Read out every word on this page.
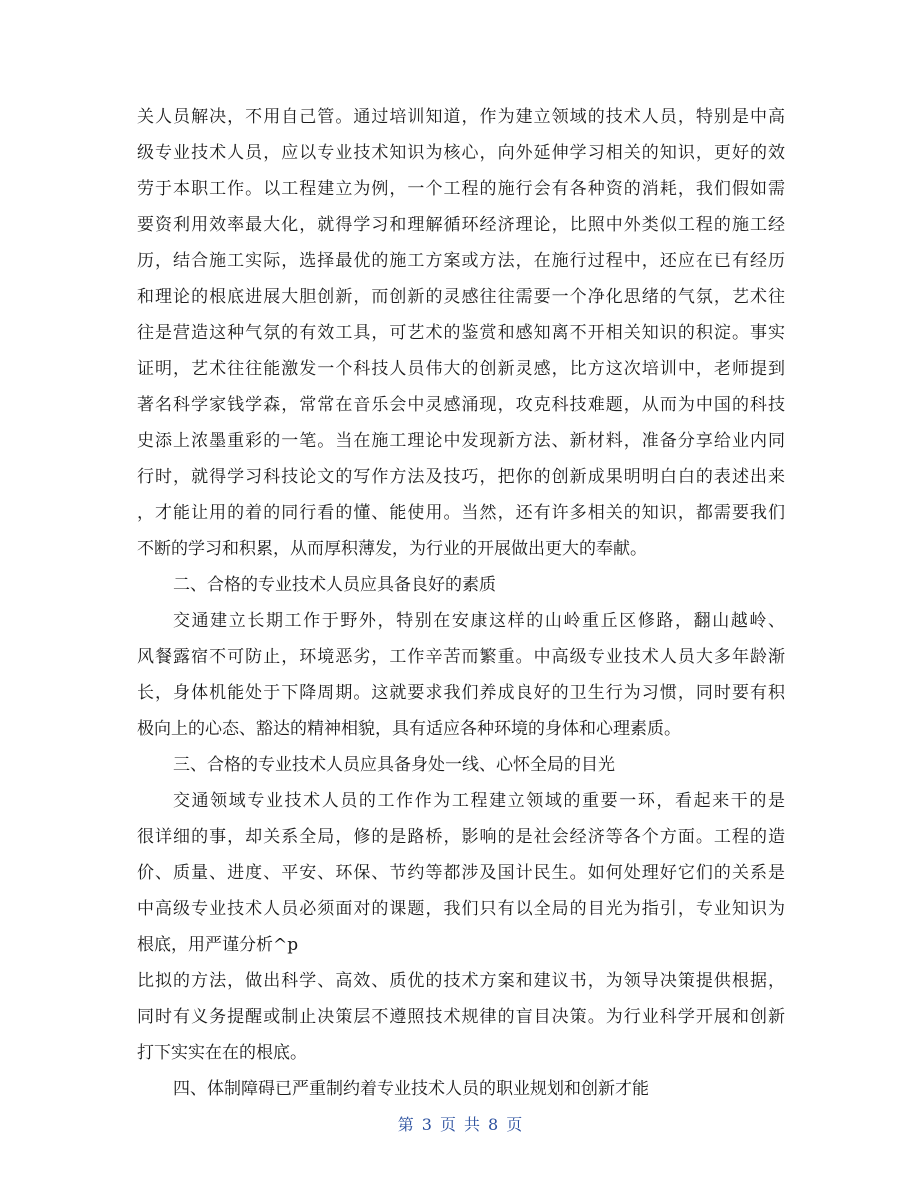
关人员解决，不用自己管。通过培训知道，作为建立领域的技术人员，特别是中高
级专业技术人员，应以专业技术知识为核心，向外延伸学习相关的知识，更好的效
劳于本职工作。以工程建立为例，一个工程的施行会有各种资的消耗，我们假如需
要资利用效率最大化，就得学习和理解循环经济理论，比照中外类似工程的施工经
历，结合施工实际，选择最优的施工方案或方法，在施行过程中，还应在已有经历
和理论的根底进展大胆创新，而创新的灵感往往需要一个净化思绪的气氛，艺术往
往是营造这种气氛的有效工具，可艺术的鉴赏和感知离不开相关知识的积淀。事实
证明，艺术往往能激发一个科技人员伟大的创新灵感，比方这次培训中，老师提到
著名科学家钱学森，常常在音乐会中灵感涌现，攻克科技难题，从而为中国的科技
史添上浓墨重彩的一笔。当在施工理论中发现新方法、新材料，准备分享给业内同
行时，就得学习科技论文的写作方法及技巧，把你的创新成果明明白白的表述出来
，才能让用的着的同行看的懂、能使用。当然，还有许多相关的知识，都需要我们
不断的学习和积累，从而厚积薄发，为行业的开展做出更大的奉献。
二、合格的专业技术人员应具备良好的素质
交通建立长期工作于野外，特别在安康这样的山岭重丘区修路，翻山越岭、
风餐露宿不可防止，环境恶劣，工作辛苦而繁重。中高级专业技术人员大多年龄渐
长，身体机能处于下降周期。这就要求我们养成良好的卫生行为习惯，同时要有积
极向上的心态、豁达的精神相貌，具有适应各种环境的身体和心理素质。
三、合格的专业技术人员应具备身处一线、心怀全局的目光
交通领域专业技术人员的工作作为工程建立领域的重要一环，看起来干的是
很详细的事，却关系全局，修的是路桥，影响的是社会经济等各个方面。工程的造
价、质量、进度、平安、环保、节约等都涉及国计民生。如何处理好它们的关系是
中高级专业技术人员必须面对的课题，我们只有以全局的目光为指引，专业知识为
根底，用严谨分析^p
比拟的方法，做出科学、高效、质优的技术方案和建议书，为领导决策提供根据，
同时有义务提醒或制止决策层不遵照技术规律的盲目决策。为行业科学开展和创新
打下实实在在的根底。
四、体制障碍已严重制约着专业技术人员的职业规划和创新才能
第 3 页 共 8 页
